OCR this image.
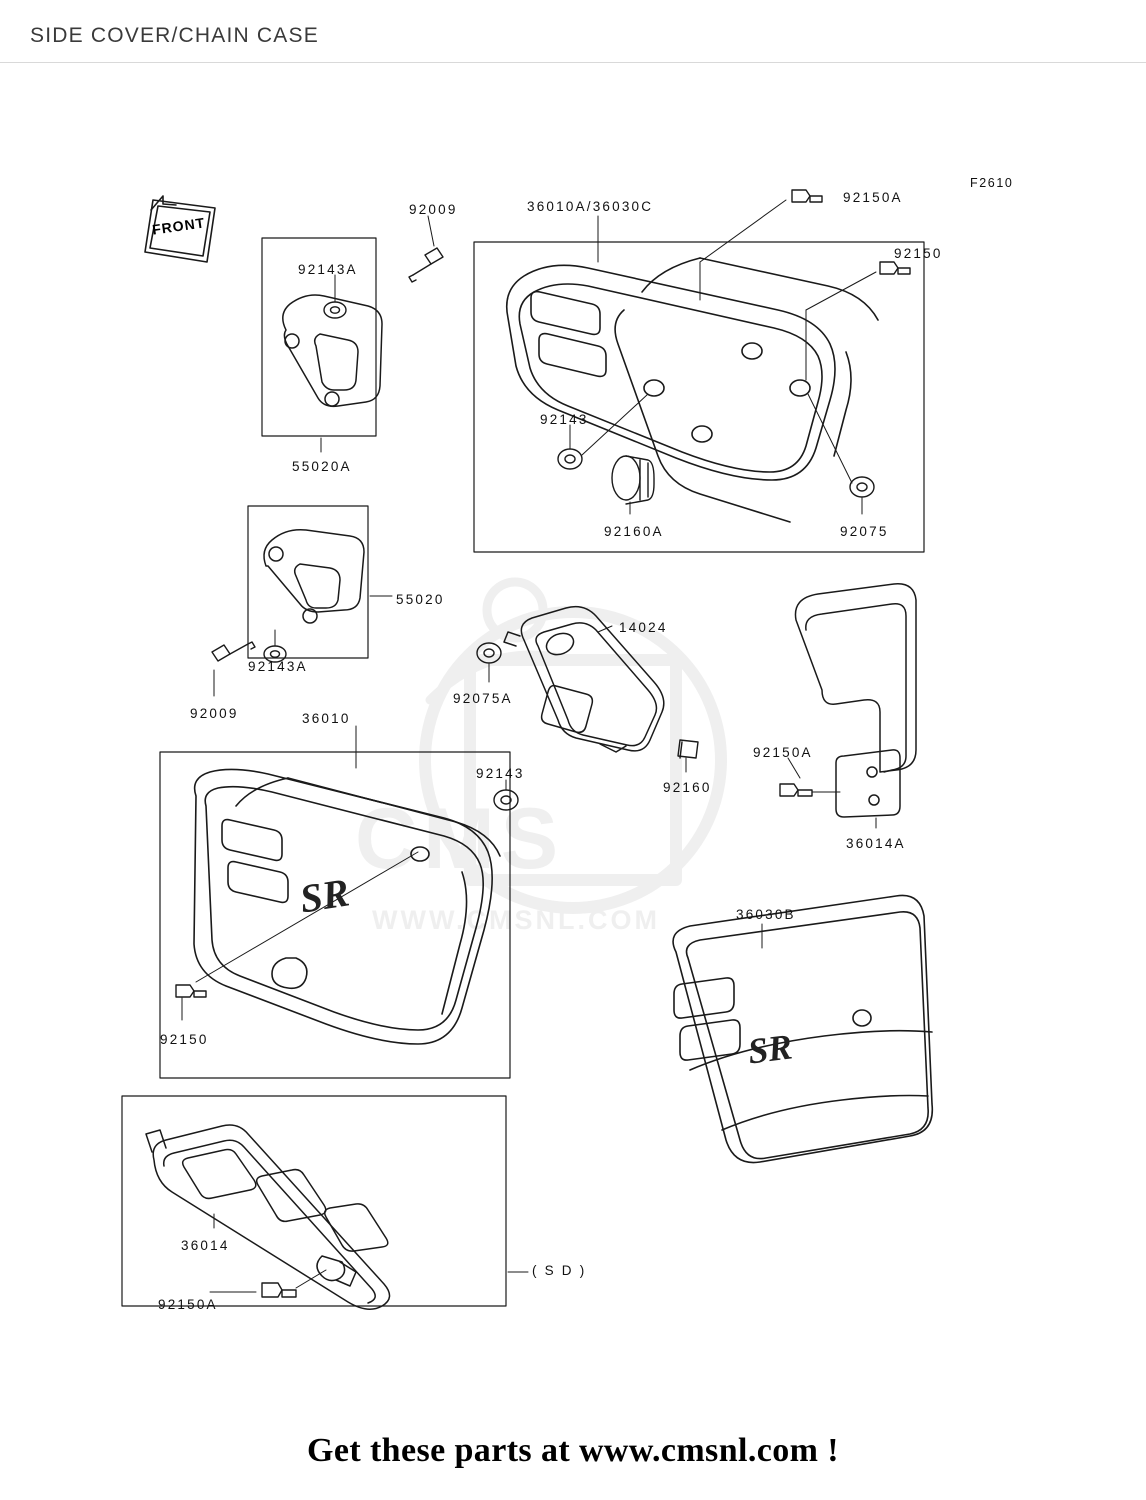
SIDE COVER/CHAIN CASE
CMS
WWW.CMSNL.COM
FRONT
SR
SR
F2610
( S D )
92009	36010A/36030C
92150A
92150
92143A
92143
55020A
92160A	92075
55020
14024
92143A
92075A
92009	36010
92150A
92143
92160
36014A
36030B
92150
36014
92150A
Get these parts at www.cmsnl.com !
